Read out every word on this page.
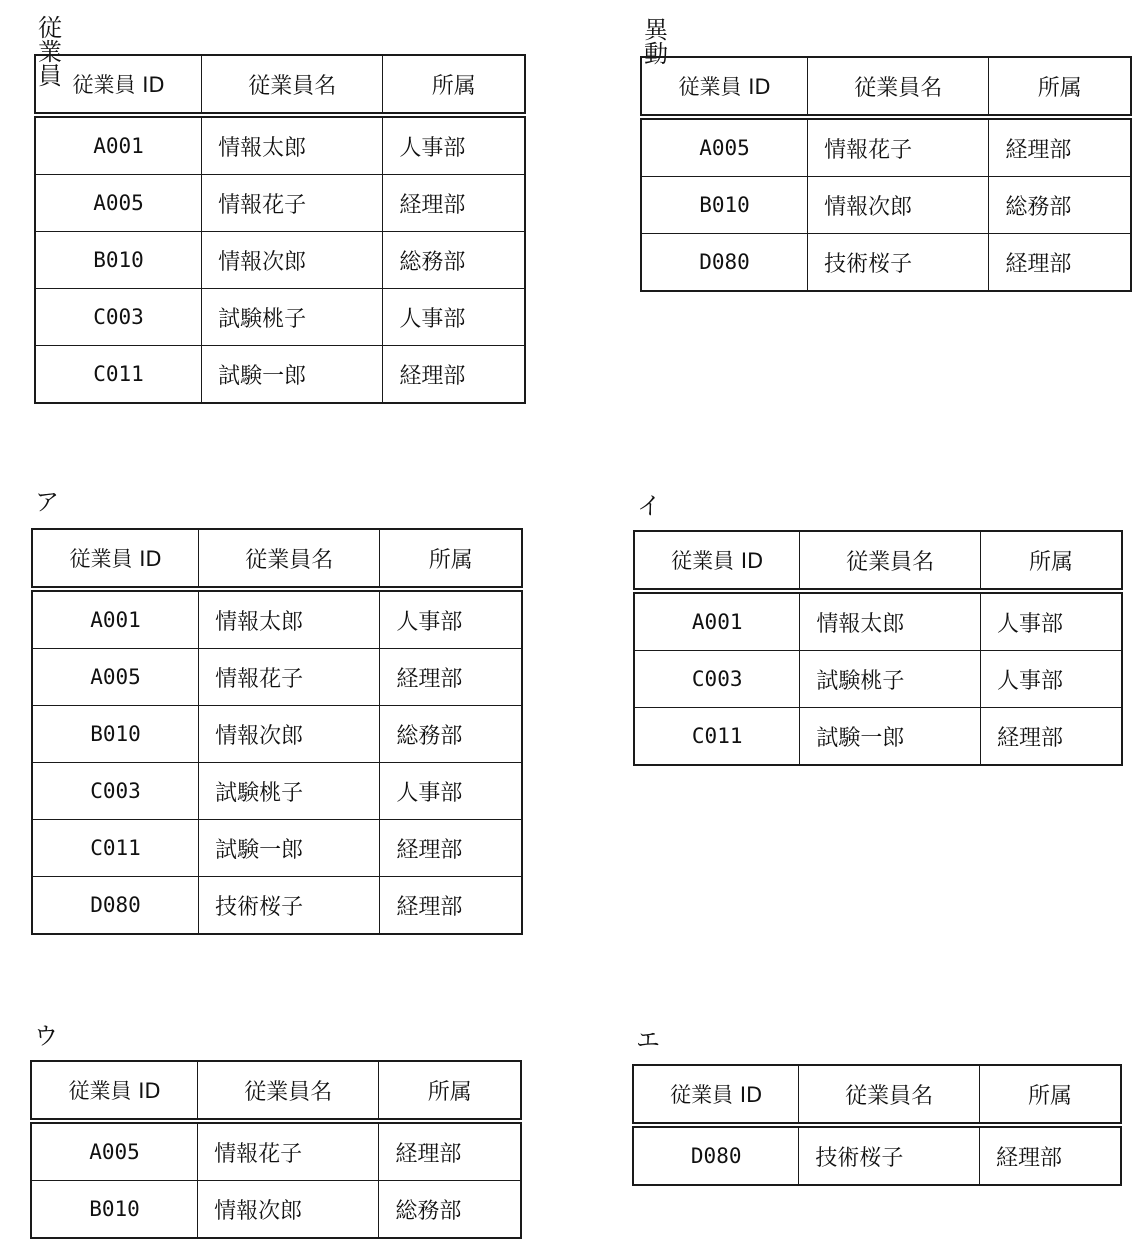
従業員 従業員 ID	従業員名	所属
A001	情報太郎	人事部
A005	情報花子	経理部
B010	情報次郎	総務部
C003	試験桃子	人事部
C011	試験一郎	経理部
異動
従業員 ID	従業員名	所属
A005	情報花子	経理部
B010	情報次郎	総務部
D080	技術桜子	経理部
ア
従業員 ID	従業員名	所属
A001	情報太郎	人事部
A005	情報花子	経理部
B010	情報次郎	総務部
C003	試験桃子	人事部
C011	試験一郎	経理部
D080	技術桜子	経理部
イ
従業員 ID	従業員名	所属
A001	情報太郎	人事部
C003	試験桃子	人事部
C011	試験一郎	経理部
ウ
従業員 ID	従業員名	所属
A005	情報花子	経理部
B010	情報次郎	総務部
エ
従業員 ID	従業員名	所属
D080	技術桜子	経理部
